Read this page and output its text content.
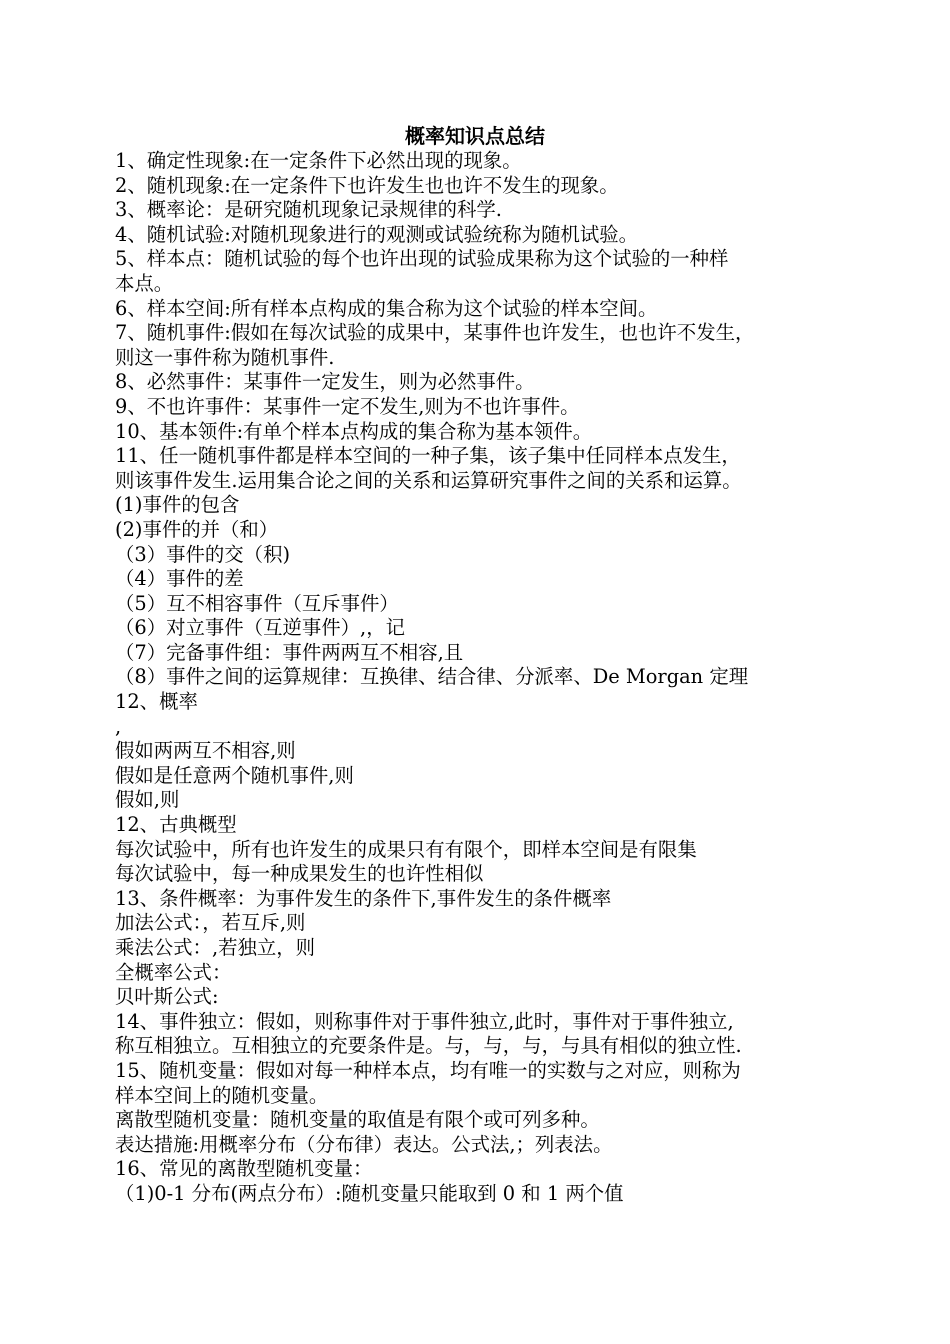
概率知识点总结
1、确定性现象:在一定条件下必然出现的现象。
2、随机现象:在一定条件下也许发生也也许不发生的现象。
3、概率论：是研究随机现象记录规律的科学.
4、随机试验:对随机现象进行的观测或试验统称为随机试验。
5、样本点：随机试验的每个也许出现的试验成果称为这个试验的一种样
本点。
6、样本空间:所有样本点构成的集合称为这个试验的样本空间。
7、随机事件:假如在每次试验的成果中，某事件也许发生，也也许不发生，
则这一事件称为随机事件.
8、必然事件：某事件一定发生，则为必然事件。
9、不也许事件：某事件一定不发生,则为不也许事件。
10、基本领件:有单个样本点构成的集合称为基本领件。
11、任一随机事件都是样本空间的一种子集，该子集中任同样本点发生，
则该事件发生.运用集合论之间的关系和运算研究事件之间的关系和运算。
(1)事件的包含
(2)事件的并（和）
（3）事件的交（积)
（4）事件的差
（5）互不相容事件（互斥事件）
（6）对立事件（互逆事件）,，记
（7）完备事件组：事件两两互不相容,且
（8）事件之间的运算规律：互换律、结合律、分派率、De Morgan 定理
12、概率
,
假如两两互不相容,则
假如是任意两个随机事件,则
假如,则
12、古典概型
每次试验中，所有也许发生的成果只有有限个，即样本空间是有限集
每次试验中，每一种成果发生的也许性相似
13、条件概率：为事件发生的条件下,事件发生的条件概率
加法公式：，若互斥,则
乘法公式：,若独立，则
全概率公式：
贝叶斯公式:
14、事件独立：假如，则称事件对于事件独立,此时，事件对于事件独立,
称互相独立。互相独立的充要条件是。与，与，与，与具有相似的独立性.
15、随机变量：假如对每一种样本点，均有唯一的实数与之对应，则称为
样本空间上的随机变量。
离散型随机变量：随机变量的取值是有限个或可列多种。
表达措施:用概率分布（分布律）表达。公式法,；列表法。
16、常见的离散型随机变量：
（1)0-1 分布(两点分布）:随机变量只能取到 0 和 1 两个值
